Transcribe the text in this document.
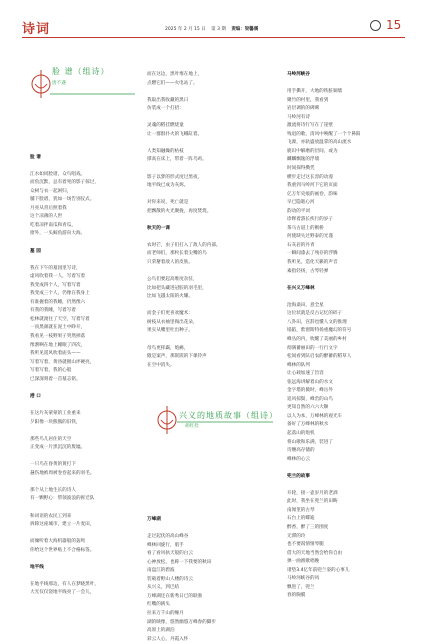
诗词	2025 年 2 月 15 日 第 3 期 责编：梁馨儒	15
脸 谱（组诗）
唐不遇
兴义的地质故事（组诗）
胡红拴

脸 谱

江水如同脸谱，众鸟唱戏。

而鱼沉默，总有着死的影子掠过，

众树与衣一起闲归，

脯下脸谱，犹如一场告别仪式。

月亮从背后照着我

这个凉薄的人世

吃着凉拌南瓜和青瓜，

窗外，一头鲸鱼游向大海。

墓 园

我在下午的墓园里写诗，

虚风吹着我一人，写着写着

我变成四个人，写着写着

我变成三个人，仍像在我身上

有谁握着的我睡，仍然像六

有我的我睡，写着写着

松林就渡往了天空，写着写着

一顶黑颜就在泥土中睁开，

我看见一枝野果子突然掉落

像割啊在地上睡眠了四次，

我听见遥风吹着庙头——

写着写着，黄昏就拥山坪硬亮，

写着写着，我的心般

已深深刻着一首墓志铭。

港 口

在这片灰蒙蒙的工业重来

夕阳像一块熊熊的旧铁，

那些鸟儿居住的天空

正变成一片黑沉沉的废墟。

一只鸟在昏黄的黄打下

悬伤地被周被卷卷起来的羽毛。

那个从上地生长的诗人

有一颗野心：带领波浪的拆迁队

和词语的农民工到来

拆除这座城市，建立一片麦田，

而倾听着大海机器般的轰鸣

你给这个世界贴上不合格标签。

地平线

在地平线那边，有人在梦晓黑叶，

大光仅仅饶地平线亮了一会儿，

而在这边，黑叶堆在地上，

点燃它们——火电站了。

我取出我收藏的黑日

仿装成一个打招：

灵魂的稻挂燃烧童

让一群群扑火的飞蛾缸着。

人类知融燥的枯枝

撑高在床上，带着一阵乌鸡。

影子以梦的形式度过黑夜，

地平线已成为灰烬。

对你来说，死亡就是

把飘散的火光聚拢，再度焚烧。

秋天的一课

农时芒，虫子们打入了敌人的内部。

而老师们，那枚长着尖嘴的鸟

只荣掰着敌人的皮肤。

公鸟们要起高堆度杂驻，

比如把头藏进冠胶的羽毛里，

比如飞越太阳的火耀。

而金子们更喜欢魔术：

树枝从衣袖里掏出花朵，

果实从嘴里吐出种子。

母鸟更挥霸，炮痛，

傲是案声，那嵌嵌的下课铃声

在空中消失。

万峰湖

走过起伏的高山峰谷

峰林回旋行，肌手

看了看风执天般的白云

心神放松，也称一下我要的秋田

南盘江的碧波

装载着野山人楼的诗云

从兴义，到巴结

万峰湖还在新秀日已的联颁

红嘴的鸥头

拉来万千山的缠月

湖的映像，悠然幽悠万峰春的脚步

高原上的湖泊

彩云人心，丹霞入怀

马岭河峡谷

用手撕开，大地的铁脏铜墙

聚竹的村里，我看到

岩层调的的碑碑

马岭河有诗

激流将诗行写在了崖壁

残退的歌，清风中唤醒了一个个鼻阳

飞瀑，亦轨盛放温掌的高山流水

鹿识中解磨的层间，或为

麟麟飘逸的浮墙

时间探得攒凭

横步走过这长容的动漫

我重到马岭河下它的页面

亿万年史痕的画卷，韵味

早已隐逝心河

韵动的平词

诊释着游长疾行的岁子

茶马古道上的断桥

何使缺失过野泰的光谨

石灰岩的丹青

一瞬间漆去了残存的浮腾

我听见，造化天籁的声音

素指轻扬，古琴轻弹

在兴义万峰林

沧海桑田，意全星

这位状就是反古记忆的碎子

八卦田，宫辞也懂人文的推理

塌陷，紫窗斯特扬重魔幻的符号

峰丛的内，吹醒了美丽的乡村

彻满蓄丽田的一行行文字

松间看到队启农的醉蓄的稻草人

峰林的队列

让心载加速了旨容

张远海讲解着山的水文

金字塔的微时，峰岳外

追风掠鬓，峰峦的山鸟

更知自然的六六大顺

以人为本，万峰林的观光车

备好了万峰林的秋水

起落山的炮机

将山歌和乐满，装进了

诗腰高存储的

峰林的心云

兜兰的故事

开轮，接一壶岁月的老酒

此时，我坐在兜兰的田畴

南闻里的古琴

石台上的蝶迪

醉香，醉了三的围度

无滞的玲

也不要渴情情琴腿

借大的天地当然会给你自由

弹一曲渔歌唱晚

诸垫3.4亿年前兜兰姿的心事儿

马岭河峡谷的风

飘进了，兜兰

春的胸膜
